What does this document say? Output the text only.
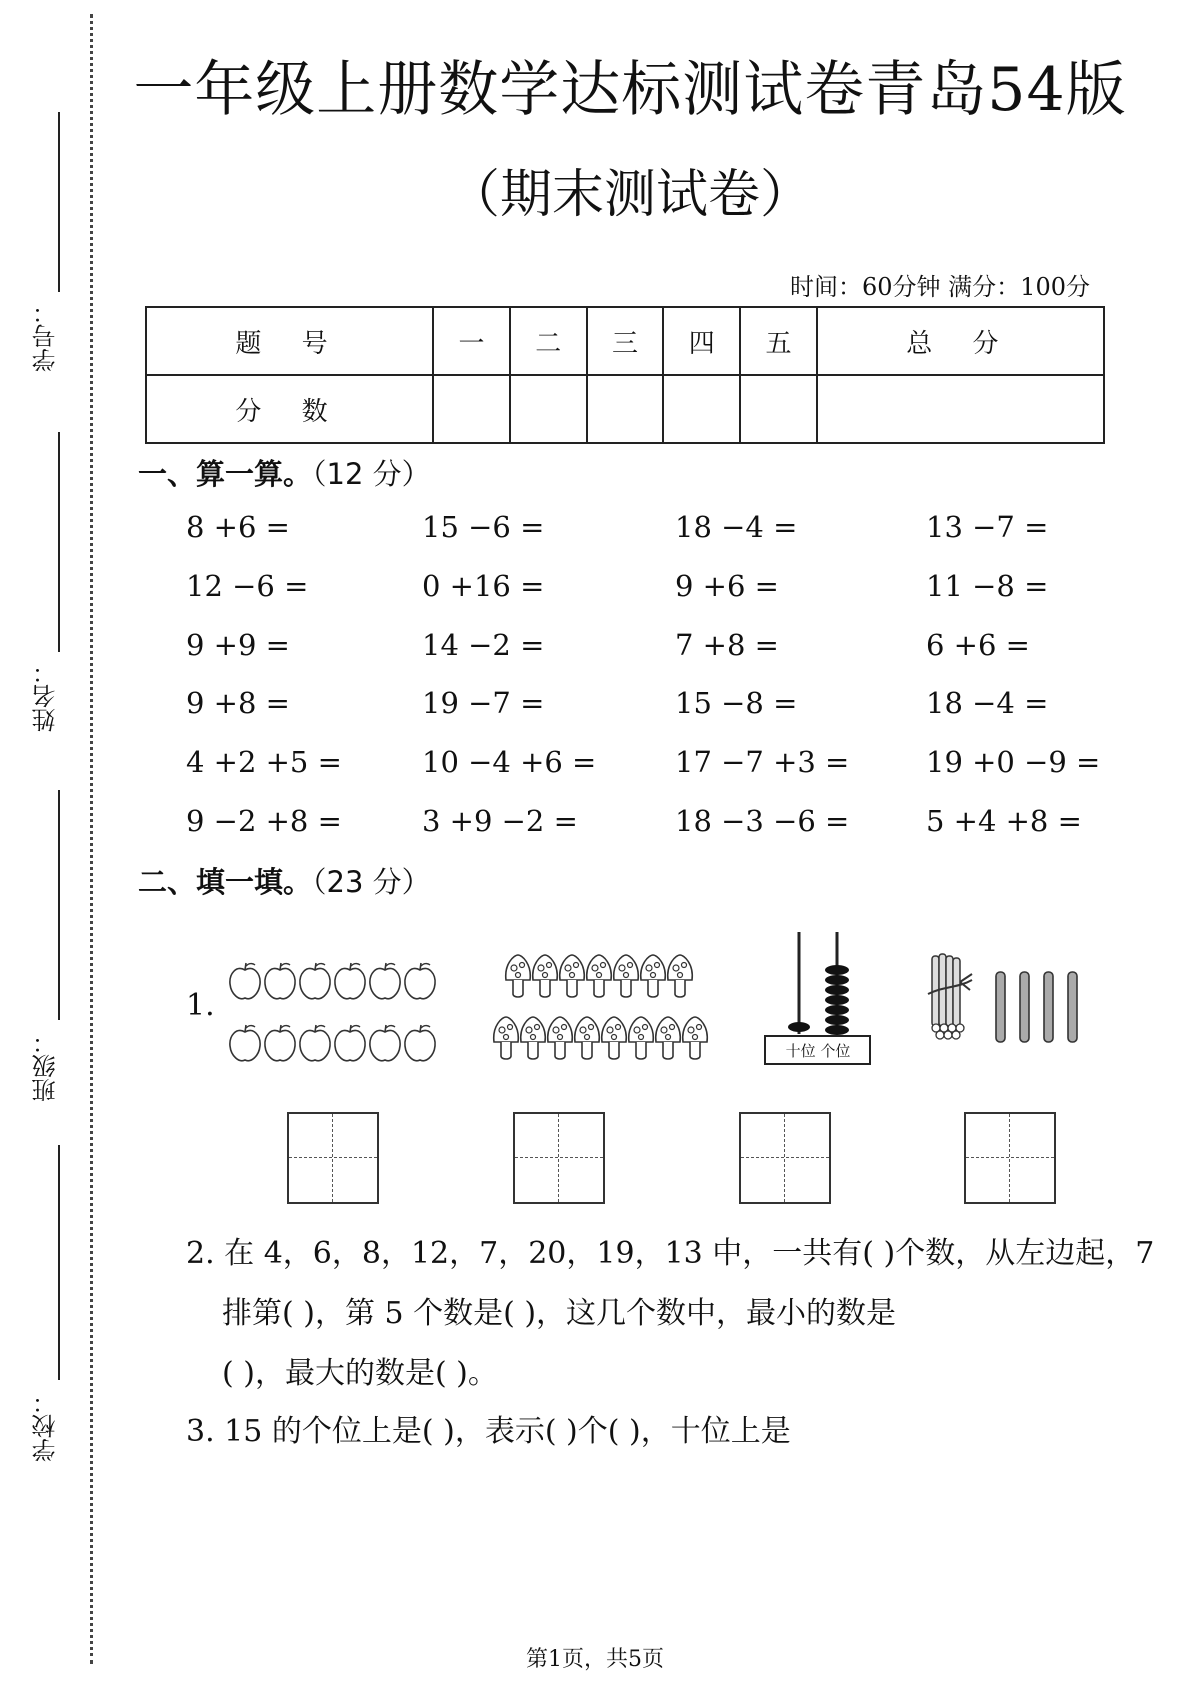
学号：
姓名：
班级：
学校：
一年级上册数学达标测试卷青岛54版
（期末测试卷）
时间：60分钟 满分：100分
题 号	一	二	三	四	五	总 分
分 数						
一、算一算。（12 分）
8 +6 =	15 −6 =	18 −4 =	13 −7 =
12 −6 =	0 +16 =	9 +6 =	11 −8 =
9 +9 =	14 −2 =	7 +8 =	6 +6 =
9 +8 =	19 −7 =	15 −8 =	18 −4 =
4 +2 +5 =	10 −4 +6 =	17 −7 +3 =	19 +0 −9 =
9 −2 +8 =	3 +9 −2 =	18 −3 −6 =	5 +4 +8 =
二、填一填。（23 分）
1.
十位 个位
2. 在 4，6，8，12，7，20，19，13 中，一共有( )个数，从左边起，7
排第( )，第 5 个数是( )，这几个数中，最小的数是
( )，最大的数是( )。
3. 15 的个位上是( )，表示( )个( )，十位上是
第1页，共5页
